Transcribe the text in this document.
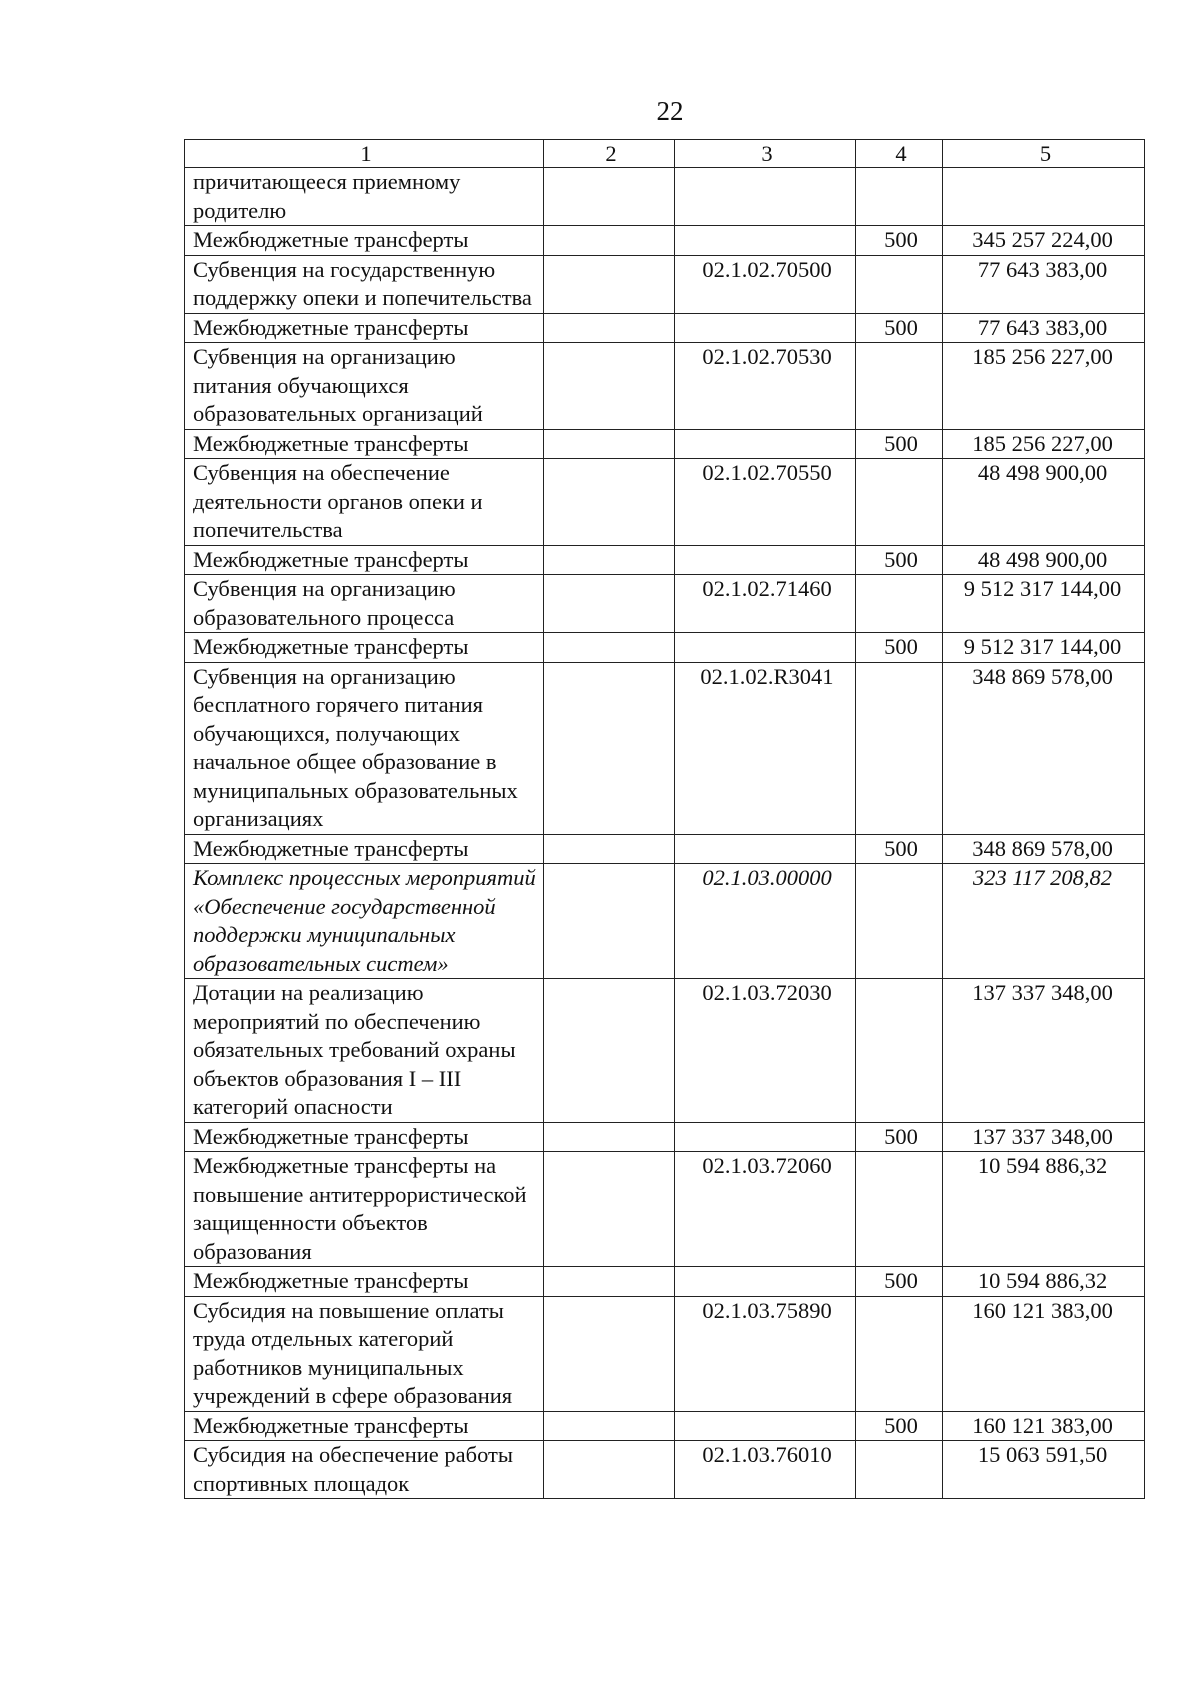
22
1	2	3	4	5
причитающееся приемному родителю				
Межбюджетные трансферты			500	345 257 224,00
Субвенция на государственную поддержку опеки и попечительства		02.1.02.70500		77 643 383,00
Межбюджетные трансферты			500	77 643 383,00
Субвенция на организацию питания обучающихся образовательных организаций		02.1.02.70530		185 256 227,00
Межбюджетные трансферты			500	185 256 227,00
Субвенция на обеспечение деятельности органов опеки и попечительства		02.1.02.70550		48 498 900,00
Межбюджетные трансферты			500	48 498 900,00
Субвенция на организацию образовательного процесса		02.1.02.71460		9 512 317 144,00
Межбюджетные трансферты			500	9 512 317 144,00
Субвенция на организацию бесплатного горячего питания обучающихся, получающих начальное общее образование в муниципальных образовательных организациях		02.1.02.R3041		348 869 578,00
Межбюджетные трансферты			500	348 869 578,00
Комплекс процессных мероприятий «Обеспечение государственной поддержки муниципальных образовательных систем»		02.1.03.00000		323 117 208,82
Дотации на реализацию мероприятий по обеспечению обязательных требований охраны объектов образования I – III категорий опасности		02.1.03.72030		137 337 348,00
Межбюджетные трансферты			500	137 337 348,00
Межбюджетные трансферты на повышение антитеррористической защищенности объектов образования		02.1.03.72060		10 594 886,32
Межбюджетные трансферты			500	10 594 886,32
Субсидия на повышение оплаты труда отдельных категорий работников муниципальных учреждений в сфере образования		02.1.03.75890		160 121 383,00
Межбюджетные трансферты			500	160 121 383,00
Субсидия на обеспечение работы спортивных площадок		02.1.03.76010		15 063 591,50
